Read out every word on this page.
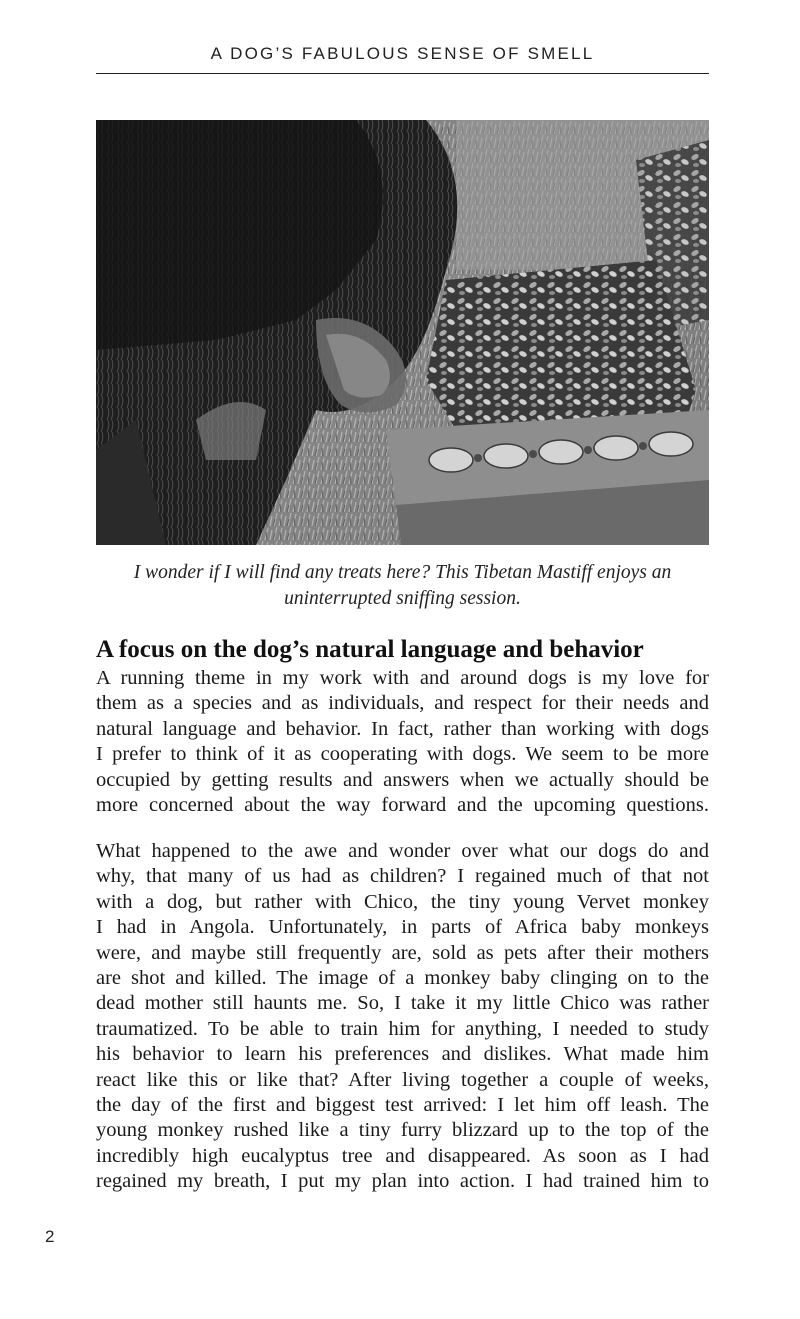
A DOG’S FABULOUS SENSE OF SMELL
I wonder if I will find any treats here? This Tibetan Mastiff enjoys an
uninterrupted sniffing session.
A focus on the dog’s natural language and behavior

A running theme in my work with and around dogs is my love for
them as a species and as individuals, and respect for their needs and
natural language and behavior. In fact, rather than working with dogs
I prefer to think of it as cooperating with dogs. We seem to be more
occupied by getting results and answers when we actually should be
more concerned about the way forward and the upcoming questions.

What happened to the awe and wonder over what our dogs do and
why, that many of us had as children? I regained much of that not
with a dog, but rather with Chico, the tiny young Vervet monkey
I had in Angola. Unfortunately, in parts of Africa baby monkeys
were, and maybe still frequently are, sold as pets after their mothers
are shot and killed. The image of a monkey baby clinging on to the
dead mother still haunts me. So, I take it my little Chico was rather
traumatized. To be able to train him for anything, I needed to study
his behavior to learn his preferences and dislikes. What made him
react like this or like that? After living together a couple of weeks,
the day of the first and biggest test arrived: I let him off leash. The
young monkey rushed like a tiny furry blizzard up to the top of the
incredibly high eucalyptus tree and disappeared. As soon as I had
regained my breath, I put my plan into action. I had trained him to

2
